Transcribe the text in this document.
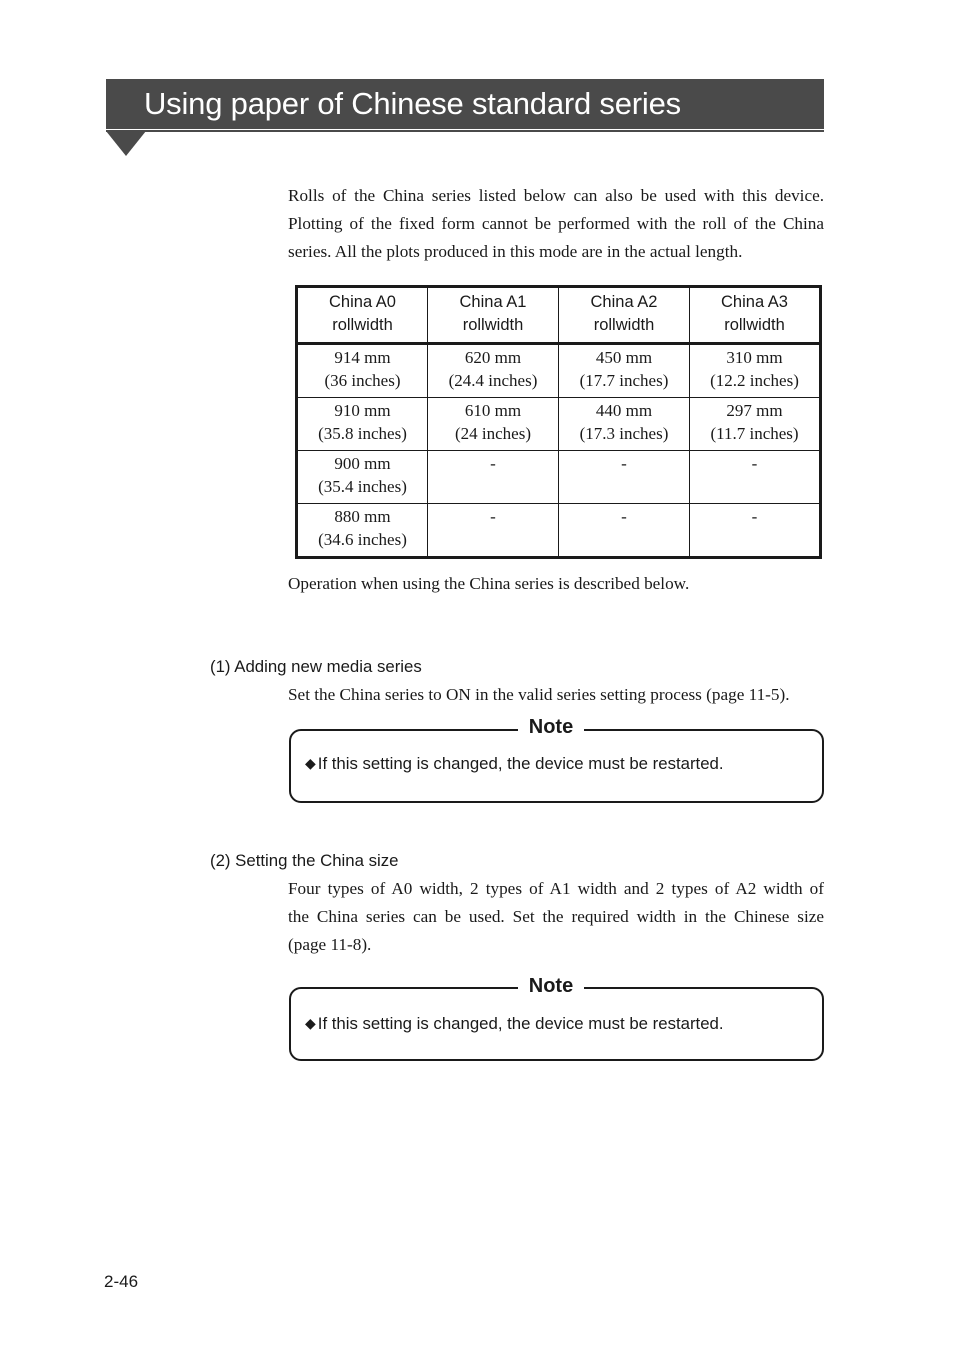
Using paper of Chinese standard series
Rolls of the China series listed below can also be used with this device.
Plotting of the fixed form cannot be performed with the roll of the China
series. All the plots produced in this mode are in the actual length.
China A0 rollwidth	China A1 rollwidth	China A2 rollwidth	China A3 rollwidth

914 mm
(36 inches)	620 mm
(24.4 inches)	450 mm
(17.7 inches)	310 mm
(12.2 inches)

910 mm
(35.8 inches)	610 mm
(24 inches)	440 mm
(17.3 inches)	297 mm
(11.7 inches)

900 mm
(35.4 inches)	-	-	-

880 mm
(34.6 inches)	-	-	-
Operation when using the China series is described below.
(1) Adding new media series
Set the China series to ON in the valid series setting process (page 11-5).
Note
◆ If this setting is changed, the device must be restarted.
(2) Setting the China size
Four types of A0 width, 2 types of A1 width and 2 types of A2 width of
the China series can be used. Set the required width in the Chinese size
(page 11-8).
Note
◆ If this setting is changed, the device must be restarted.
2-46
